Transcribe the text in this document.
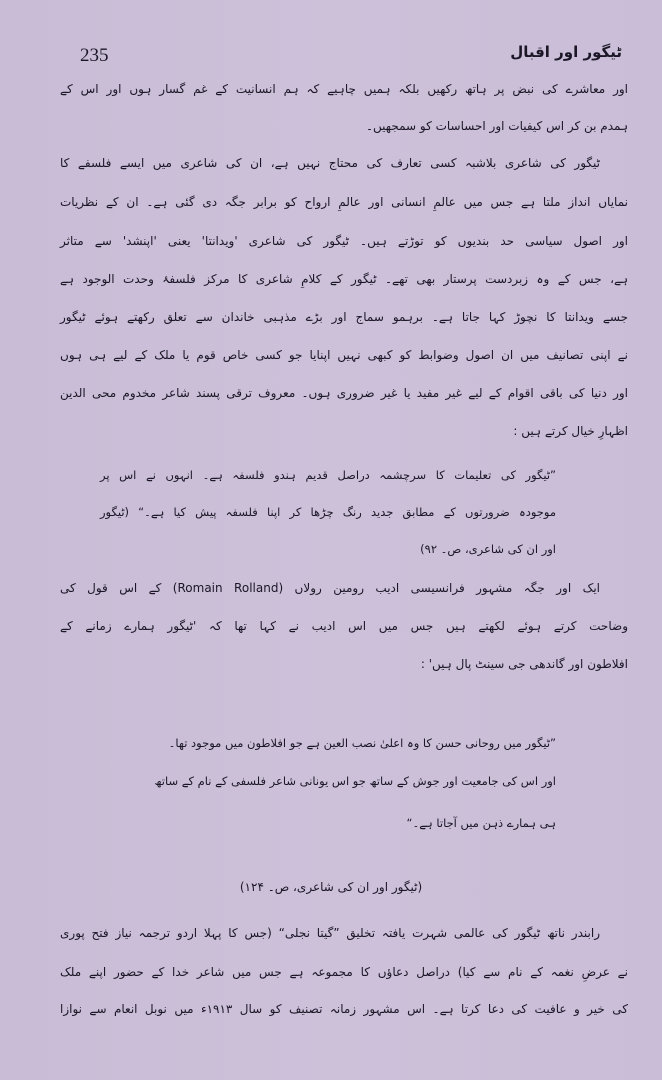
235	ٹیگور اور اقبال
اور معاشرے کی نبض پر ہاتھ رکھیں بلکہ ہمیں چاہیے کہ ہم انسانیت کے غم گسار ہوں اور اس کے
ہمدم بن کر اس کیفیات اور احساسات کو سمجھیں۔
ٹیگور کی شاعری بلاشبہ کسی تعارف کی محتاج نہیں ہے، ان کی شاعری میں ایسے فلسفے کا
نمایاں انداز ملتا ہے جس میں عالمِ انسانی اور عالمِ ارواح کو برابر جگہ دی گئی ہے۔ ان کے نظریات
اور اصول سیاسی حد بندیوں کو توڑتے ہیں۔ ٹیگور کی شاعری 'ویدانتا' یعنی 'اپنشد' سے متاثر
ہے، جس کے وہ زبردست پرستار بھی تھے۔ ٹیگور کے کلامِ شاعری کا مرکز فلسفۂ وحدت الوجود ہے
جسے ویدانتا کا نچوڑ کہا جاتا ہے۔ برہمو سماج اور بڑے مذہبی خاندان سے تعلق رکھتے ہوئے ٹیگور
نے اپنی تصانیف میں ان اصول وضوابط کو کبھی نہیں اپنایا جو کسی خاص قوم یا ملک کے لیے ہی ہوں
اور دنیا کی باقی اقوام کے لیے غیر مفید یا غیر ضروری ہوں۔ معروف ترقی پسند شاعر مخدوم محی الدین
اظہارِ خیال کرتے ہیں :
”ٹیگور کی تعلیمات کا سرچشمہ دراصل قدیم ہندو فلسفہ ہے۔ انہوں نے اس پر
موجودہ ضرورتوں کے مطابق جدید رنگ چڑھا کر اپنا فلسفہ پیش کیا ہے۔“ (ٹیگور
اور ان کی شاعری، ص۔ ۹۲)
ایک اور جگہ مشہور فرانسیسی ادیب رومین رولاں (Romain Rolland) کے اس قول کی
وضاحت کرتے ہوئے لکھتے ہیں جس میں اس ادیب نے کہا تھا کہ 'ٹیگور ہمارے زمانے کے
افلاطون اور گاندھی جی سینٹ پال ہیں' :
”ٹیگور میں روحانی حسن کا وہ اعلیٰ نصب العین ہے جو افلاطون میں موجود تھا۔
اور اس کی جامعیت اور جوش کے ساتھ جو اس یونانی شاعر فلسفی کے نام کے ساتھ
ہی ہمارے ذہن میں آجاتا ہے۔“
(ٹیگور اور ان کی شاعری، ص۔ ۱۲۴)
رابندر ناتھ ٹیگور کی عالمی شہرت یافتہ تخلیق ”گیتا نجلی“ (جس کا پہلا اردو ترجمہ نیاز فتح پوری
نے عرضِ نغمہ کے نام سے کیا) دراصل دعاؤں کا مجموعہ ہے جس میں شاعر خدا کے حضور اپنے ملک
کی خیر و عافیت کی دعا کرتا ہے۔ اس مشہور زمانہ تصنیف کو سال ۱۹۱۳ء میں نوبل انعام سے نوازا
